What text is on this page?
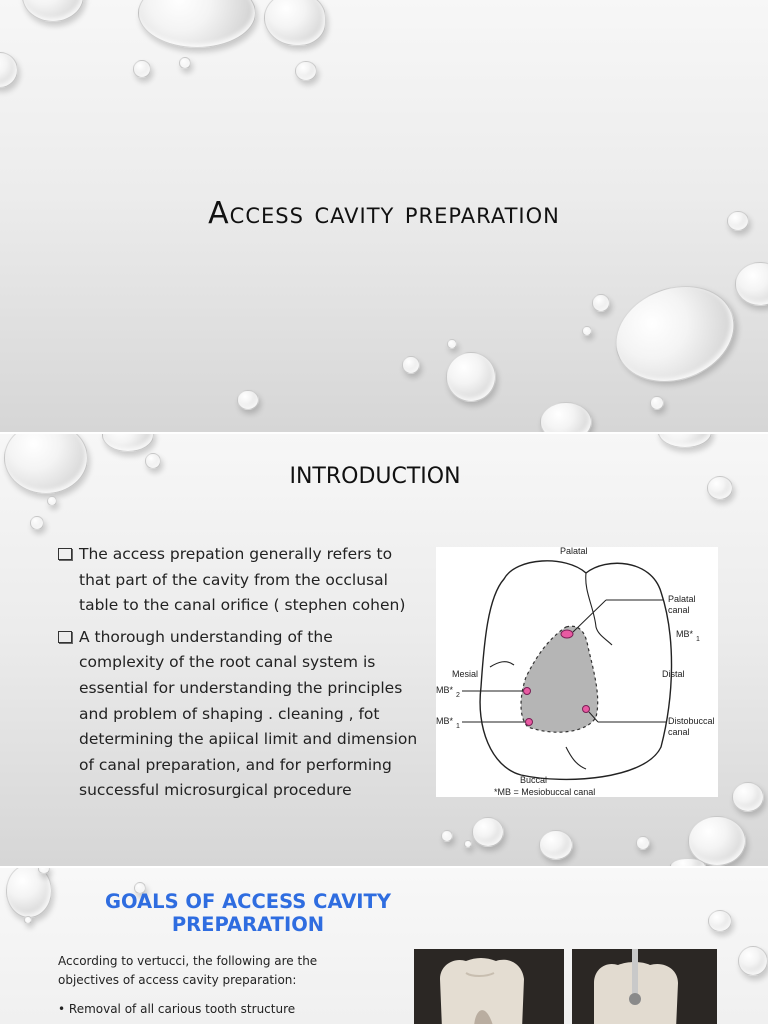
Access cavity preparation
INTRODUCTION
The access prepation generally refers to that part of the cavity from the occlusal table to the canal orifice ( stephen cohen)
A thorough understanding of the complexity of the root canal system is essential for understanding the principles and problem of shaping . cleaning , fot determining the apiical limit and dimension of canal preparation, and for performing successful microsurgical procedure
Palatal
Palatal
canal
MB*
1
Mesial	Distal
MB*
2
MB*
1
Distobuccal
canal
Buccal
*MB = Mesiobuccal canal
GOALS OF ACCESS CAVITY PREPARATION
According to vertucci, the following are the objectives of access cavity preparation:
• Removal of all carious tooth structure
